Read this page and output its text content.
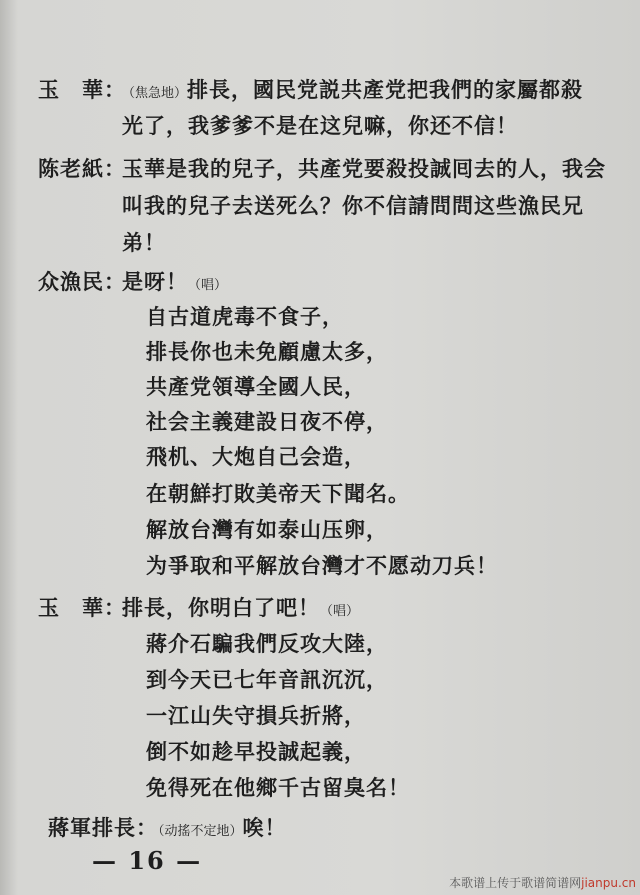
玉　華：
（焦急地）排長，國民党説共產党把我們的家屬都殺
光了，我爹爹不是在这兒嘛，你还不信！
陈老紙：
玉華是我的兒子，共產党要殺投誠囘去的人，我会
叫我的兒子去送死么？你不信請問問这些漁民兄
弟！
众漁民：
是呀！（唱）
自古道虎毒不食子，
排長你也未免顧慮太多，
共產党領導全國人民，
社会主義建設日夜不停，
飛机、大炮自己会造，
在朝鮮打敗美帝天下聞名。
解放台灣有如泰山压卵，
为爭取和平解放台灣才不愿动刀兵！
玉　華：
排長，你明白了吧！（唱）
蔣介石騙我們反攻大陸，
到今天已七年音訊沉沉，
一江山失守損兵折將，
倒不如趁早投誠起義，
免得死在他鄉千古留臭名！
蔣軍排長：（动搖不定地）唉！
— 16 —
本歌谱上传于歌谱简谱网jianpu.cn
